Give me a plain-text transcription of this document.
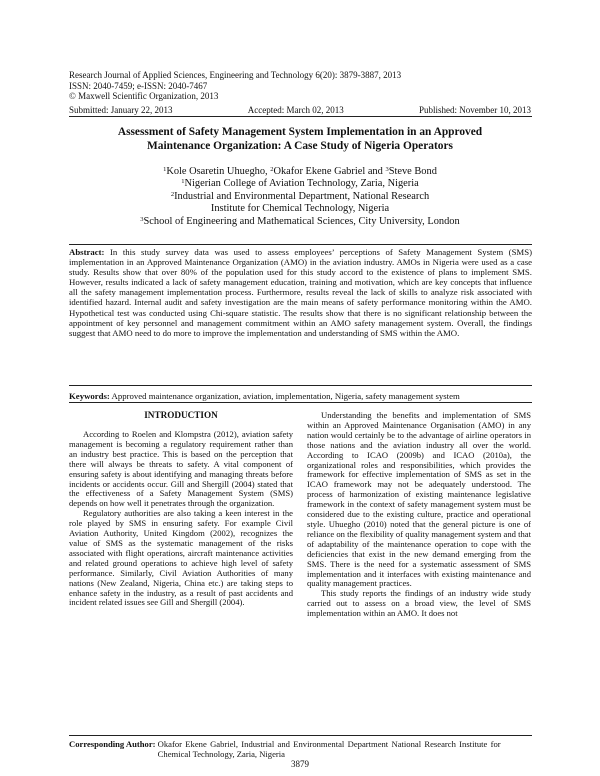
Research Journal of Applied Sciences, Engineering and Technology 6(20): 3879-3887, 2013
ISSN: 2040-7459; e-ISSN: 2040-7467
© Maxwell Scientific Organization, 2013
Submitted: January 22, 2013	Accepted: March 02, 2013	Published: November 10, 2013
Assessment of Safety Management System Implementation in an Approved
Maintenance Organization: A Case Study of Nigeria Operators
$^1$Kole Osaretin Uhuegho, $^2$Okafor Ekene Gabriel and $^3$Steve Bond
$^1$Nigerian College of Aviation Technology, Zaria, Nigeria
$^2$Industrial and Environmental Department, National Research
Institute for Chemical Technology, Nigeria
$^3$School of Engineering and Mathematical Sciences, City University, London
Abstract: In this study survey data was used to assess employees’ perceptions of Safety Management System (SMS) implementation in an Approved Maintenance Organization (AMO) in the aviation industry. AMOs in Nigeria were used as a case study. Results show that over 80% of the population used for this study accord to the existence of plans to implement SMS. However, results indicated a lack of safety management education, training and motivation, which are key concepts that influence all the safety management implementation process. Furthermore, results reveal the lack of skills to analyze risk associated with identified hazard. Internal audit and safety investigation are the main means of safety performance monitoring within the AMO. Hypothetical test was conducted using Chi-square statistic. The results show that there is no significant relationship between the appointment of key personnel and management commitment within an AMO safety management system. Overall, the findings suggest that AMO need to do more to improve the implementation and understanding of SMS within the AMO.
Keywords: Approved maintenance organization, aviation, implementation, Nigeria, safety management system
INTRODUCTION

According to Roelen and Klompstra (2012), aviation safety management is becoming a regulatory requirement rather than an industry best practice. This is based on the perception that there will always be threats to safety. A vital component of ensuring safety is about identifying and managing threats before incidents or accidents occur. Gill and Shergill (2004) stated that the effectiveness of a Safety Management System (SMS) depends on how well it penetrates through the organization.

Regulatory authorities are also taking a keen interest in the role played by SMS in ensuring safety. For example Civil Aviation Authority, United Kingdom (2002), recognizes the value of SMS as the systematic management of the risks associated with flight operations, aircraft maintenance activities and related ground operations to achieve high level of safety performance. Similarly, Civil Aviation Authorities of many nations (New Zealand, Nigeria, China etc.) are taking steps to enhance safety in the industry, as a result of past accidents and incident related issues see Gill and Shergill (2004).

Understanding the benefits and implementation of SMS within an Approved Maintenance Organisation (AMO) in any nation would certainly be to the advantage of airline operators in those nations and the aviation industry all over the world. According to ICAO (2009b) and ICAO (2010a), the organizational roles and responsibilities, which provides the framework for effective implementation of SMS as set in the ICAO framework may not be adequately understood. The process of harmonization of existing maintenance legislative framework in the context of safety management system must be considered due to the existing culture, practice and operational style. Uhuegho (2010) noted that the general picture is one of reliance on the flexibility of quality management system and that of adaptability of the maintenance operation to cope with the deficiencies that exist in the new demand emerging from the SMS. There is the need for a systematic assessment of SMS implementation and it interfaces with existing maintenance and quality management practices.

This study reports the findings of an industry wide study carried out to assess on a broad view, the level of SMS implementation within an AMO. It does not

Corresponding Author: Okafor Ekene Gabriel, Industrial and Environmental Department National Research Institute for Chemical Technology, Zaria, Nigeria
3879
